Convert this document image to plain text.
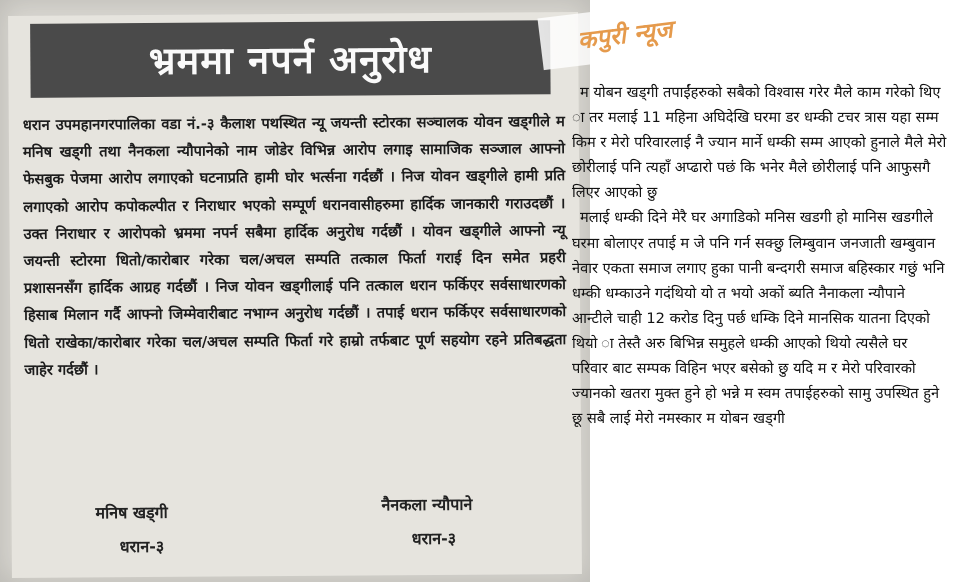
भ्रममा नपर्न अनुरोध

धरान उपमहानगरपालिका वडा नं.-३ कैलाश पथस्थित न्यू जयन्ती स्टोरका सञ्चालक योवन खड्गीले म मनिष खड्गी तथा नैनकला न्यौपानेको नाम जोडेर विभिन्न आरोप लगाइ सामाजिक सञ्जाल आफ्नो फेसबुक पेजमा आरोप लगाएको घटनाप्रति हामी घोर भर्त्सना गर्दछौं । निज योवन खड्गीले हामी प्रति लगाएको आरोप कपोकल्पीत र निराधार भएको सम्पूर्ण धरानवासीहरुमा हार्दिक जानकारी गराउदछौं । उक्त निराधार र आरोपको भ्रममा नपर्न सबैमा हार्दिक अनुरोध गर्दछौं । योवन खड्गीले आफ्नो न्यू जयन्ती स्टोरमा धितो/कारोबार गरेका चल/अचल सम्पति तत्काल फिर्ता गराई दिन समेत प्रहरी प्रशासनसँग हार्दिक आग्रह गर्दछौं । निज योवन खड्गीलाई पनि तत्काल धरान फर्किएर सर्वसाधारणको हिसाब मिलान गर्दै आफ्नो जिम्मेवारीबाट नभाग्न अनुरोध गर्दछौं । तपाई धरान फर्किएर सर्वसाधारणको धितो राखेका/कारोबार गरेका चल/अचल सम्पति फिर्ता गरे हाम्रो तर्फबाट पूर्ण सहयोग रहने प्रतिबद्धता जाहेर गर्दछौं ।

मनिष खड्गी
धरान-३
नैनकला न्यौपाने
धरान-३
कपुरी न्यूज

म योबन खड्गी तपाईंहरुको सबैको विश्वास गरेर मैले काम गरेको थिए ा तर मलाई 11 महिना अघिदेखि घरमा डर धम्की टचर त्रास यहा सम्म किम र मेरो परिवारलाई नै ज्यान मार्ने धम्की सम्म आएको हुनाले मैले मेरो छोरीलाई पनि त्यहाँ अप्ढारो पछं कि भनेर मैले छोरीलाई पनि आफुसगै लिएर आएको छु

मलाई धम्की दिने मेरै घर अगाडिको मनिस खडगी हो मानिस खडगीले घरमा बोलाएर तपाई म जे पनि गर्न सक्छु लिम्बुवान जनजाती खम्बुवान नेवार एकता समाज लगाए हुका पानी बन्दगरी समाज बहिस्कार गछुं भनि धम्की धम्काउने गदंथियो यो त भयो अकों ब्यति नैनाकला न्यौपाने आन्टीले चाही 12 करोड दिनु पर्छ धम्कि दिने मानसिक यातना दिएको थियो ा तेस्तै अरु बिभिन्न समुहले धम्की आएको थियो त्यसैले घर परिवार बाट सम्पक विहिन भएर बसेको छु यदि म र मेरो परिवारको ज्यानको खतरा मुक्त हुने हो भन्ने म स्वम तपाईहरुको सामु उपस्थित हुने छू सबै लाई मेरो नमस्कार म योबन खड्गी
